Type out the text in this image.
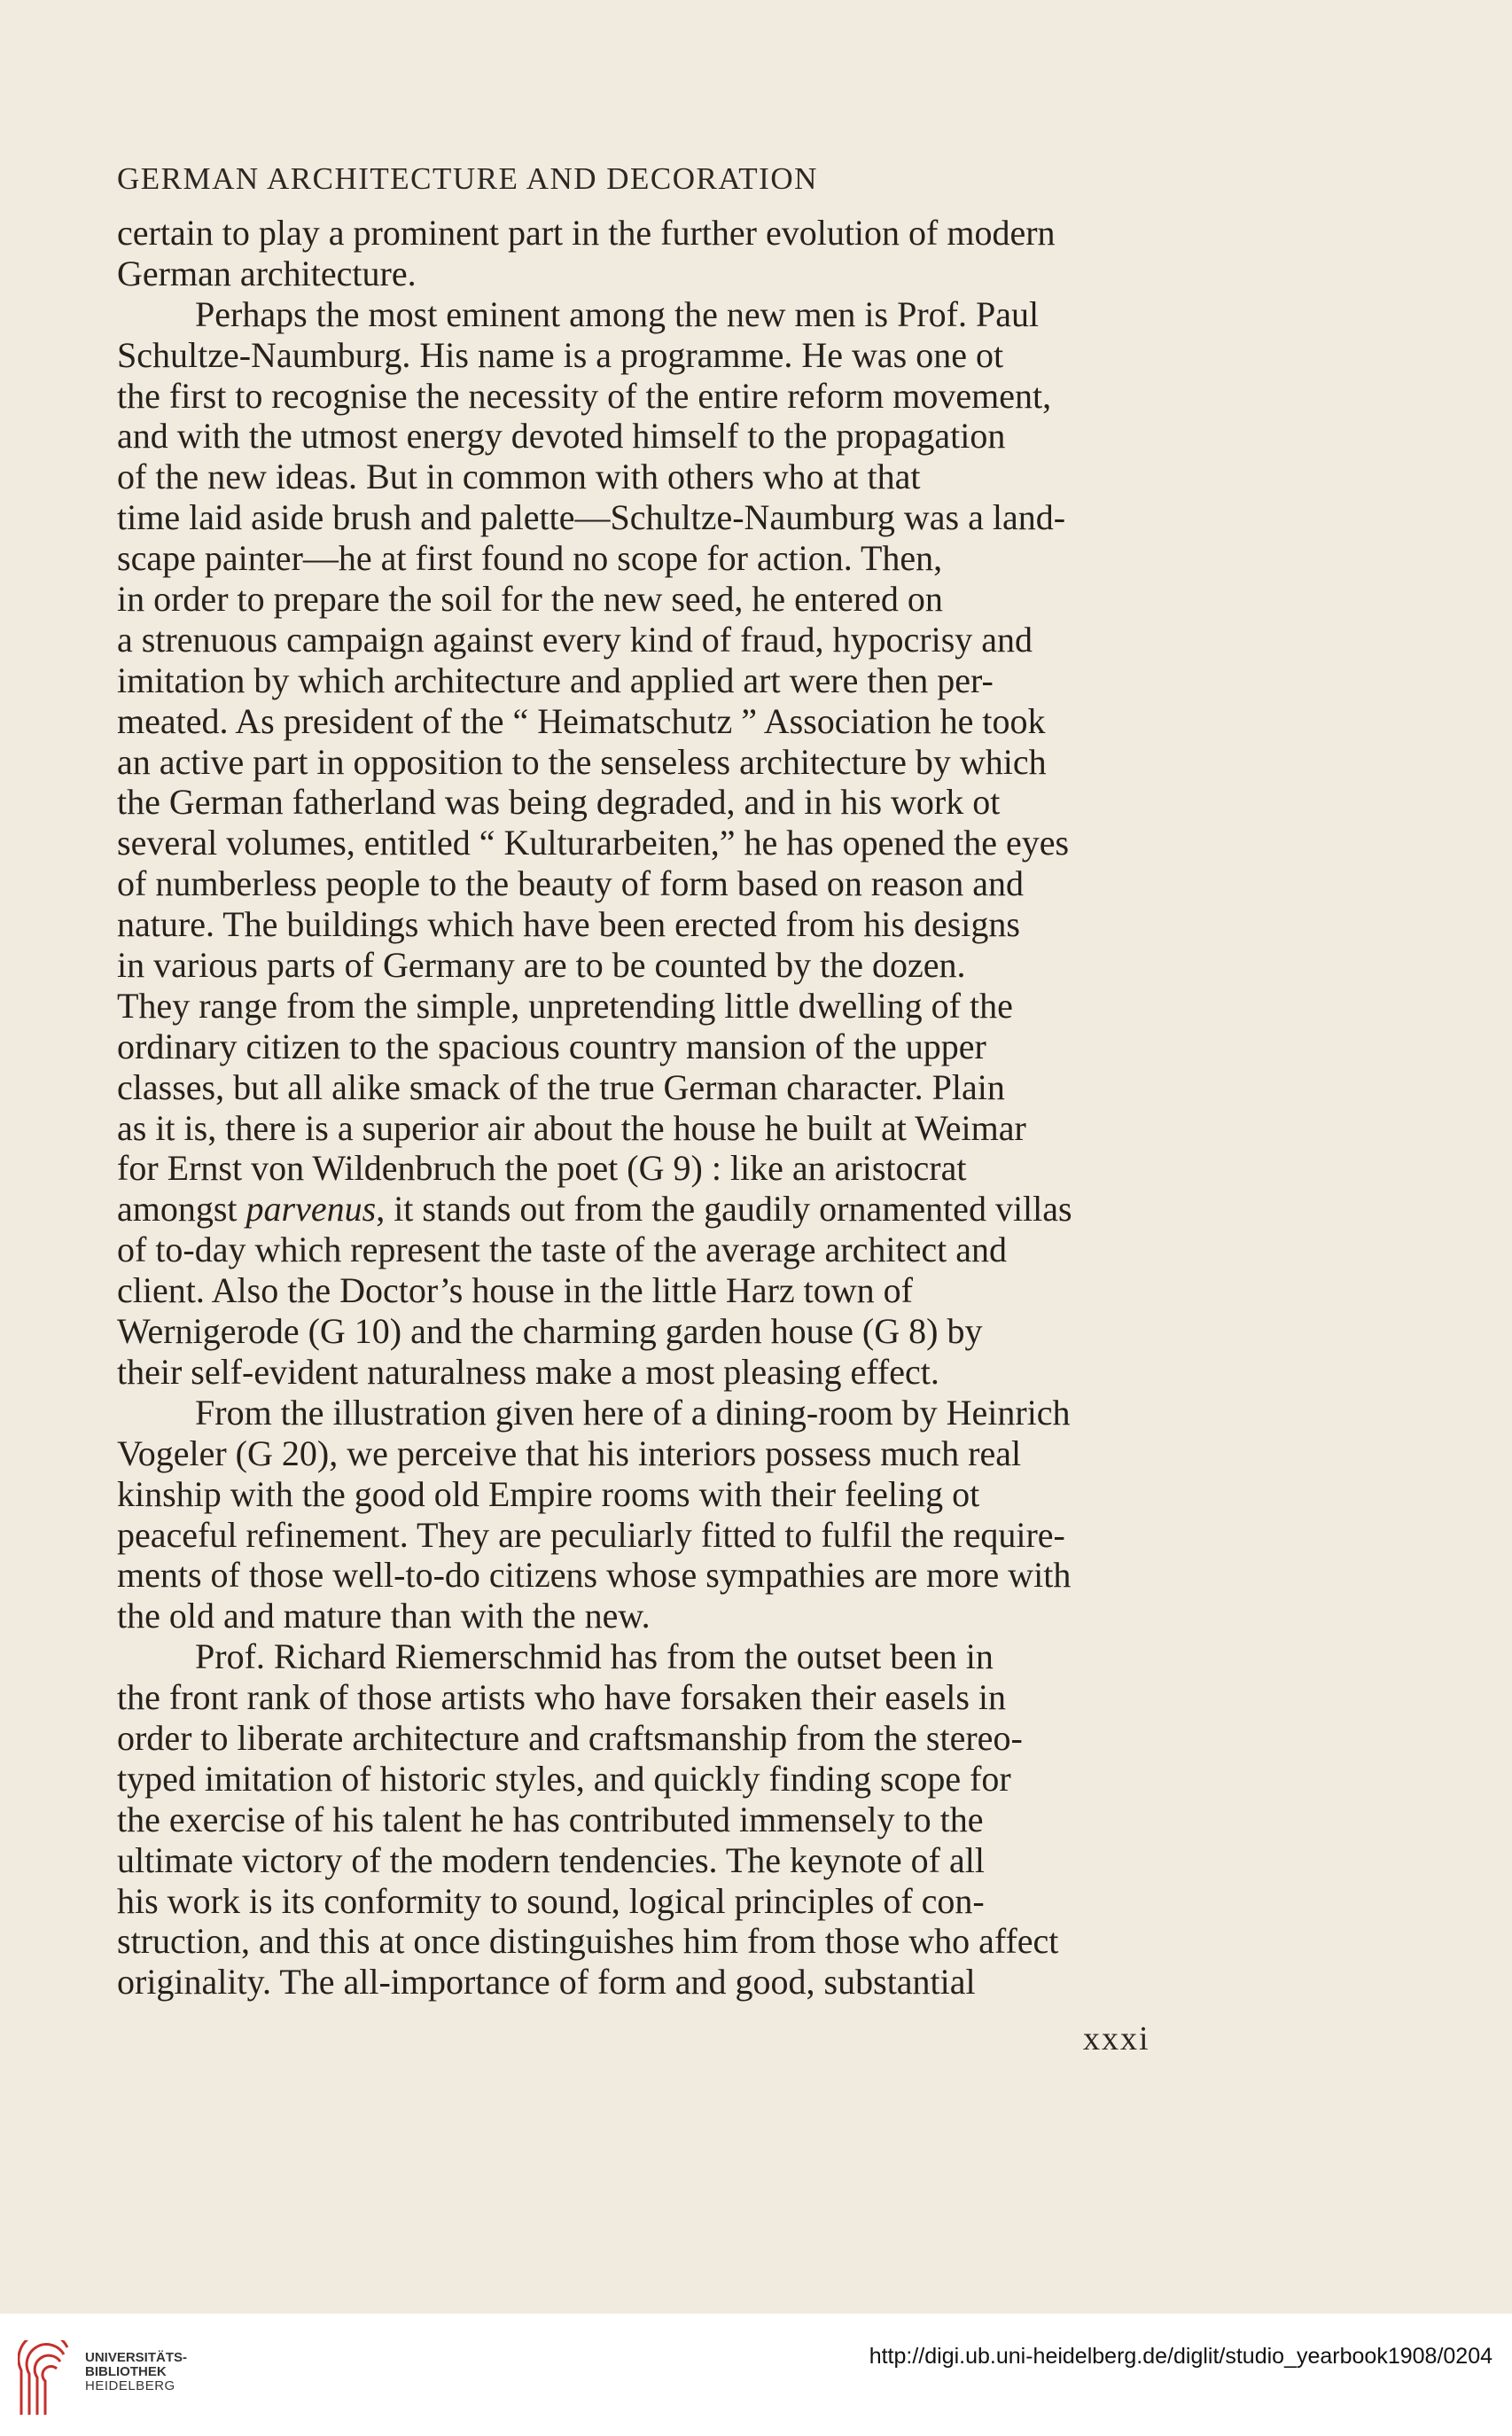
GERMAN ARCHITECTURE AND DECORATION
certain to play a prominent part in the further evolution of modern
German architecture.
Perhaps the most eminent among the new men is Prof. Paul
Schultze-Naumburg. His name is a programme. He was one ot
the first to recognise the necessity of the entire reform movement,
and with the utmost energy devoted himself to the propagation
of the new ideas. But in common with others who at that
time laid aside brush and palette—Schultze-Naumburg was a land-
scape painter—he at first found no scope for action. Then,
in order to prepare the soil for the new seed, he entered on
a strenuous campaign against every kind of fraud, hypocrisy and
imitation by which architecture and applied art were then per-
meated. As president of the “ Heimatschutz ” Association he took
an active part in opposition to the senseless architecture by which
the German fatherland was being degraded, and in his work ot
several volumes, entitled “ Kulturarbeiten,” he has opened the eyes
of numberless people to the beauty of form based on reason and
nature. The buildings which have been erected from his designs
in various parts of Germany are to be counted by the dozen.
They range from the simple, unpretending little dwelling of the
ordinary citizen to the spacious country mansion of the upper
classes, but all alike smack of the true German character. Plain
as it is, there is a superior air about the house he built at Weimar
for Ernst von Wildenbruch the poet (G 9) : like an aristocrat
amongst parvenus, it stands out from the gaudily ornamented villas
of to-day which represent the taste of the average architect and
client. Also the Doctor’s house in the little Harz town of
Wernigerode (G 10) and the charming garden house (G 8) by
their self-evident naturalness make a most pleasing effect.
From the illustration given here of a dining-room by Heinrich
Vogeler (G 20), we perceive that his interiors possess much real
kinship with the good old Empire rooms with their feeling ot
peaceful refinement. They are peculiarly fitted to fulfil the require-
ments of those well-to-do citizens whose sympathies are more with
the old and mature than with the new.
Prof. Richard Riemerschmid has from the outset been in
the front rank of those artists who have forsaken their easels in
order to liberate architecture and craftsmanship from the stereo-
typed imitation of historic styles, and quickly finding scope for
the exercise of his talent he has contributed immensely to the
ultimate victory of the modern tendencies. The keynote of all
his work is its conformity to sound, logical principles of con-
struction, and this at once distinguishes him from those who affect
originality. The all-importance of form and good, substantial
xxxi
UNIVERSITÄTS-
BIBLIOTHEK
HEIDELBERG
http://digi.ub.uni-heidelberg.de/diglit/studio_yearbook1908/0204
